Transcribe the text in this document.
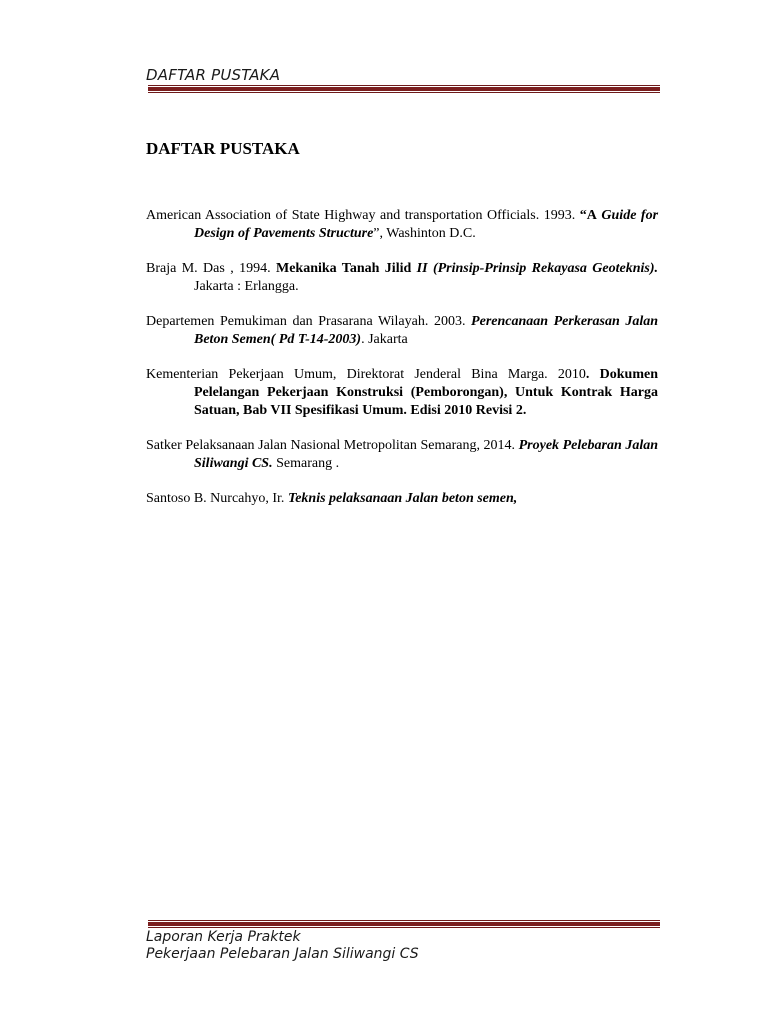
DAFTAR PUSTAKA
DAFTAR PUSTAKA

American Association of State Highway and transportation Officials. 1993. “A Guide for Design of Pavements Structure”, Washinton D.C.

Braja M. Das , 1994. Mekanika Tanah Jilid II (Prinsip-Prinsip Rekayasa Geoteknis). Jakarta : Erlangga.

Departemen Pemukiman dan Prasarana Wilayah. 2003. Perencanaan Perkerasan Jalan Beton Semen( Pd T-14-2003). Jakarta

Kementerian Pekerjaan Umum, Direktorat Jenderal Bina Marga. 2010. Dokumen Pelelangan Pekerjaan Konstruksi (Pemborongan), Untuk Kontrak Harga Satuan, Bab VII Spesifikasi Umum. Edisi 2010 Revisi 2.

Satker Pelaksanaan Jalan Nasional Metropolitan Semarang, 2014. Proyek Pelebaran Jalan Siliwangi CS. Semarang .

Santoso B. Nurcahyo, Ir. Teknis pelaksanaan Jalan beton semen,

Laporan Kerja Praktek
Pekerjaan Pelebaran Jalan Siliwangi CS
